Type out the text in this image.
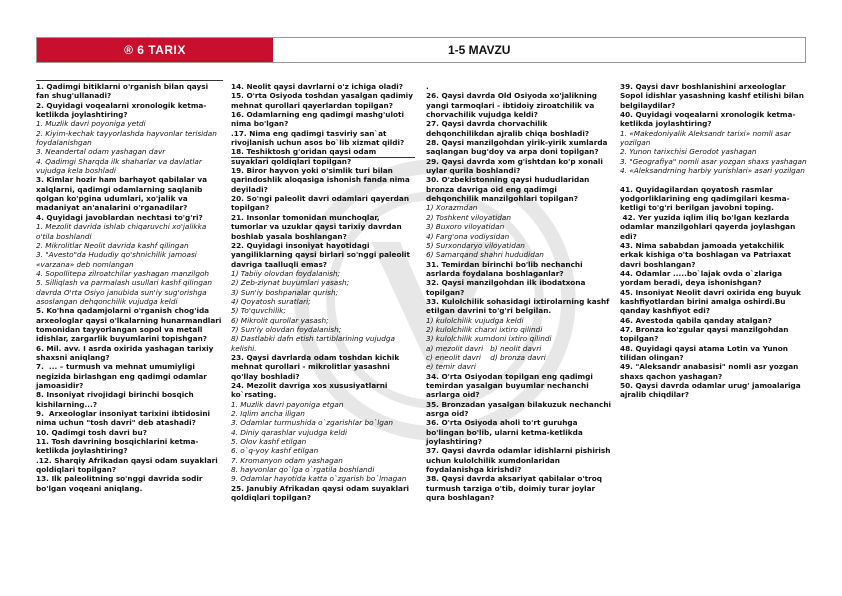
® 6 TARIX	1-5 MAVZU

1. Qadimgi bitiklarni o'rganish bilan qaysi fan shug'ullanadi?

2. Quyidagi voqealarni xronologik ketma-ketlikda joylashtiring?

1. Muzlik davri poyoniga yetdi

2. Kiyim-kechak tayyorlashda hayvonlar terisidan foydalanishgan

3. Neandertal odam yashagan davr

4. Qadimgi Sharqda ilk shaharlar va davlatlar vujudga kela boshladi

3. Kimlar hozir ham barhayot qabilalar va xalqlarni, qadimgi odamlarning saqlanib qolgan ko'pgina udumlari, xo'jalik va madaniyat an'analarini o'rganadilar?

4. Quyidagi javoblardan nechtasi to'g'ri?

1. Mezolit davrida ishlab chiqaruvchi xo'jalikka o'tila boshlandi

2. Mikrolitlar Neolit davrida kashf qilingan

3. "Avesto"da Hududiy qo'shnichilik jamoasi «varzana» deb nomlangan

4. Sopollitepa zilroatchilar yashagan manzilgoh

5. Silliqlash va parmalash usullari kashf qilingan davrda O'rta Osiyo janubida sun'iy sug'orishga asoslangan dehqonchilik vujudga keldi

5. Ko'hna qadamjolarni o'rganish chog'ida arxeologlar qaysi o'lkalarning hunarmandlari tomonidan tayyorlangan sopol va metall idishlar, zargarlik buyumlarini topishgan?

6. Mil. avv. I asrda oxirida yashagan tarixiy shaxsni aniqlang?

7.  ... – turmush va mehnat umumiyligi negizida birlashgan eng qadimgi odamlar jamoasidir?

8. Insoniyat rivojidagi birinchi bosqich kishilarning...?

9.  Arxeologlar insoniyat tarixini ibtidosini nima uchun "tosh davri" deb atashadi?

10. Qadimgi tosh davri bu?

11. Tosh davrining bosqichlarini ketma-ketlikda joylashtiring?

.12. Sharqiy Afrikadan qaysi odam suyaklari qoldiqlari topilgan?

13. Ilk paleolitning so'nggi davrida sodir bo'lgan voqeani aniqlang.

14. Neolit qaysi davrlarni o'z ichiga oladi?

15. O'rta Osiyoda toshdan yasalgan qadimiy mehnat qurollari qayerlardan topilgan?

16. Odamlarning eng qadimgi mashg'uloti nima bo'lgan?

.17. Nima eng qadimgi tasviriy san`at rivojlanish uchun asos bo`lib xizmat qildi?

18. Teshiktosh g'oridan qaysi odam suyaklari qoldiqlari topilgan?

19. Biror hayvon yoki o'simlik turi bilan qarindoshlik aloqasiga ishonish fanda nima deyiladi?

20. So'ngi paleolit davri odamlari qayerdan topilgan?

21. Insonlar tomonidan munchoqlar, tumorlar va uzuklar qaysi tarixiy davrdan boshlab yasala boshlangan?

22. Quyidagi insoniyat hayotidagi yangiliklarning qaysi birlari so'nggi paleolit davriga taalluqli emas?

1) Tabiiy olovdan foydalanish;

2) Zeb-ziynat buyumlari yasash;

3) Sun'iy boshpanalar qurish;

4) Qoyatosh suratlari;

5) To'quvchilik;

6) Mikrolit qurollar yasash;

7) Sun'iy olovdan foydalanish;

8) Dastlabki dafn etish tartiblarining vujudga kelishi.

23. Qaysi davrlarda odam toshdan kichik mehnat qurollari - mikrolitlar yasashni qo'llay boshladi?

24. Mezolit davriga xos xususiyatlarni ko`rsating.

1. Muzlik davri payoniga etgan

2. Iqlim ancha iligan

3. Odamlar turmushida o`zgarishlar bo`lgan

4. Diniy qarashlar vujudga keldi

5. Olov kashf etilgan

6. o`q-yoy kashf etilgan

7. Kromanyon odam yashagan

8. hayvonlar qo`lga o`rgatila boshlandi

9. Odamlar hayotida katta o`zgarish bo`lmagan

25. Janubiy Afrikadan qaysi odam suyaklari qoldiqlari topilgan?

.

26. Qaysi davrda Old Osiyoda xo'jalikning yangi tarmoqlari - ibtidoiy ziroatchilik va chorvachilik vujudga keldi?

27. Qaysi davrda chorvachilik dehqonchilikdan ajralib chiqa boshladi?

28. Qaysi manzilgohdan yirik-yirik xumlarda saqlangan bug'doy va arpa doni topilgan?

29. Qaysi davrda xom g'ishtdan ko'p xonali uylar qurila boshlandi?

30. O'zbekistonning qaysi hududlaridan bronza davriga oid eng qadimgi dehqonchilik manzilgohlari topilgan?

1) Xorazmdan

2) Toshkent viloyatidan

3) Buxoro viloyatidan

4) Farg'ona vodiysidan

5) Surxondaryo viloyatidan

6) Samarqand shahri hududidan

31. Temirdan birinchi bo'lib nechanchi asrlarda foydalana boshlaganlar?

32. Qaysi manzilgohdan ilk ibodatxona topilgan?

33. Kulolchilik sohasidagi ixtirolarning kashf etilgan davrini to'g'ri belgilan.

1) kulolchilik vujudga keldi

2) kulolchilik charxi ixtiro qilindi

3) kulolchilik xumdoni ixtiro qilindi

a) mezolit davri   b) neolit davri

c) eneolit davri    d) bronza davri

e) temir davri

34. O'rta Osiyodan topilgan eng qadimgi temirdan yasalgan buyumlar nechanchi asrlarga oid?

35. Bronzadan yasalgan bilakuzuk nechanchi asrga oid?

36. O'rta Osiyoda aholi to'rt guruhga bo'lingan bo'lib, ularni ketma-ketlikda joylashtiring?

37. Qaysi davrda odamlar idishlarni pishirish uchun kulolchilik xumdonlaridan foydalanishga kirishdi?

38. Qaysi davrda aksariyat qabilalar o'troq turmush tarziga o'tib, doimiy turar joylar qura boshlagan?

39. Qaysi davr boshlanishini arxeologlar Sopol idishlar yasashning kashf etilishi bilan belgilaydilar?

40. Quyidagi voqealarni xronologik ketma-ketlikda joylashtiring?

1. «Makedoniyalik Aleksandr tarixi» nomli asar yozilgan

2. Yunon tarixchisi Gerodot yashagan

3. "Geografiya" nomli asar yozgan shaxs yashagan

4. «Aleksandrning harbiy yurishlari» asari yozilgan

41. Quyidagilardan qoyatosh rasmlar yodgorliklarining eng qadimgilari kesma-ketligi to'g'ri berilgan javobni toping.

42. Yer yuzida iqlim iliq bo'lgan kezlarda odamlar manzilgohlari qayerda joylashgan edi?

43. Nima sababdan jamoada yetakchilik erkak kishiga o'ta boshlagan va Patriaxat davri boshlangan?

44. Odamlar .....bo`lajak ovda o`zlariga yordam beradi, deya ishonishgan?

45. Insoniyat Neolit davri oxirida eng buyuk kashfiyotlardan birini amalga oshirdi.Bu qanday kashfiyot edi?

46. Avestoda qabila qanday atalgan?

47. Bronza ko'zgular qaysi manzilgohdan topilgan?

48. Quyidagi qaysi atama Lotin va Yunon tilidan olingan?

49. "Aleksandr anabasisi" nomli asr yozgan shaxs qachon yashagan?

50. Qaysi davrda odamlar urug' jamoalariga ajralib chiqdilar?
